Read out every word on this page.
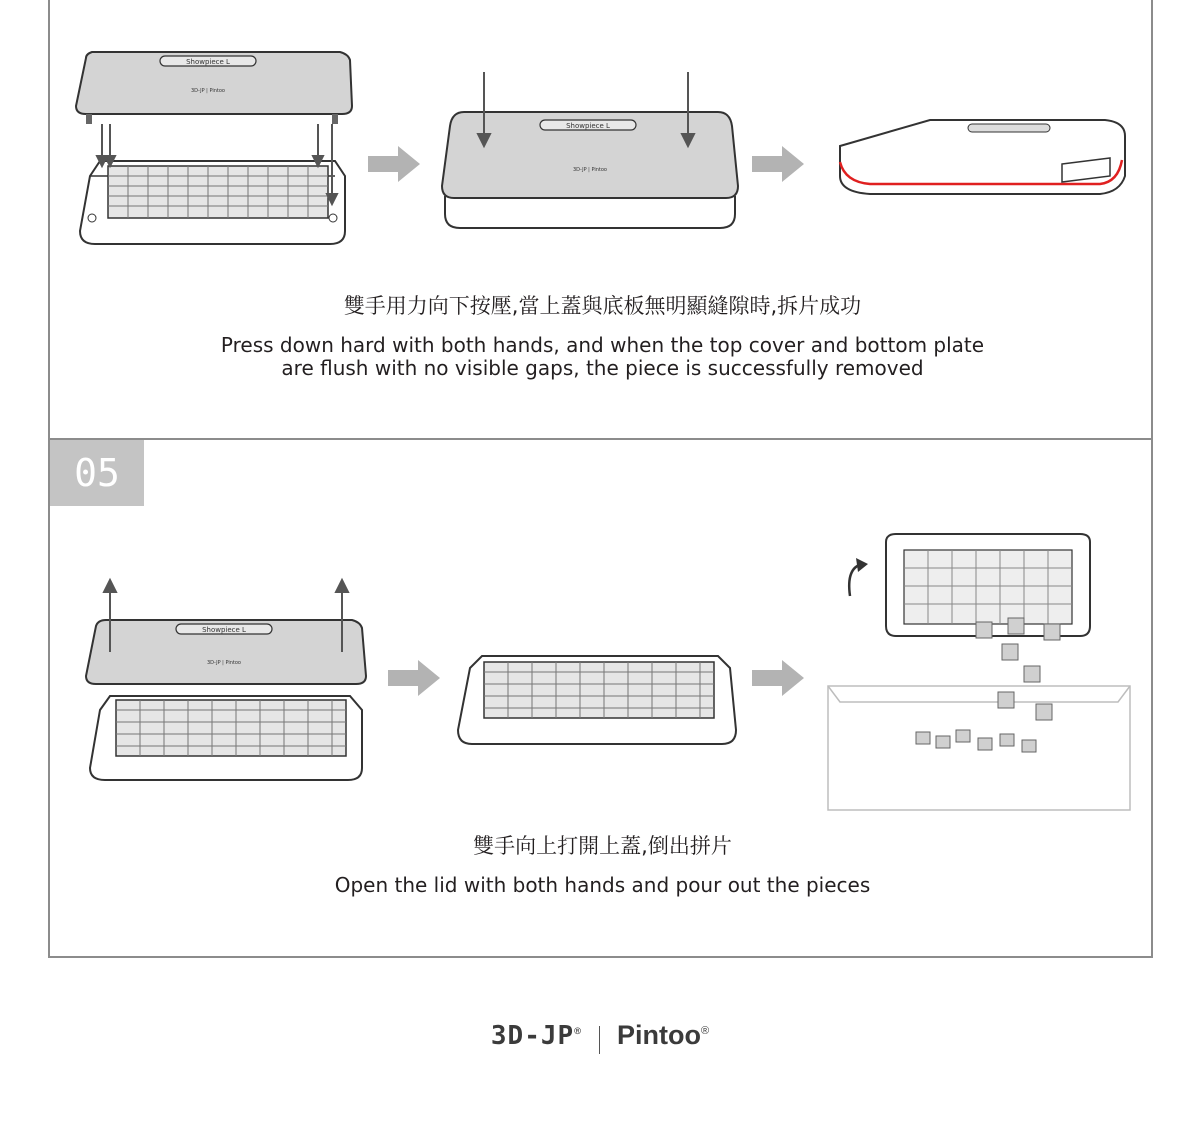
Showpiece L
3D-JP | Pintoo
Showpiece L
3D-JP | Pintoo
雙手用力向下按壓,當上蓋與底板無明顯縫隙時,拆片成功
Press down hard with both hands, and when the top cover and bottom plate
are flush with no visible gaps, the piece is successfully removed
05
Showpiece L
3D-JP | Pintoo
雙手向上打開上蓋,倒出拼片
Open the lid with both hands and pour out the pieces
3D-JP® Pintoo®
